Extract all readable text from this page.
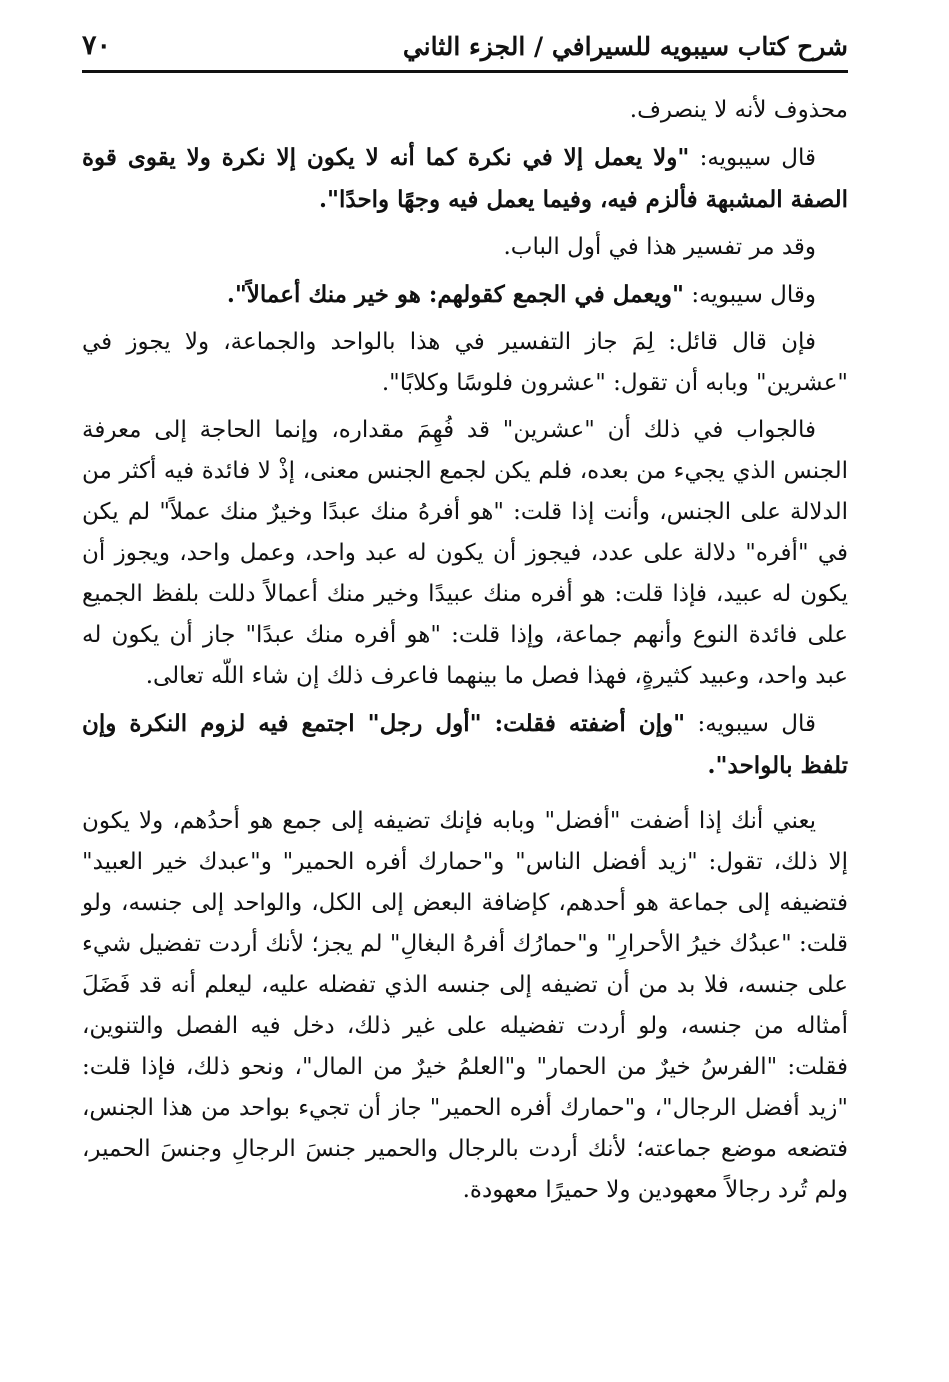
٧٠	شرح كتاب سيبويه للسيرافي / الجزء الثاني

محذوف لأنه لا ينصرف.

قال سيبويه: "ولا يعمل إلا في نكرة كما أنه لا يكون إلا نكرة ولا يقوى قوة الصفة المشبهة فألزم فيه، وفيما يعمل فيه وجهًا واحدًا".

وقد مر تفسير هذا في أول الباب.

وقال سيبويه: "ويعمل في الجمع كقولهم: هو خير منك أعمالاً".

فإن قال قائل: لِمَ جاز التفسير في هذا بالواحد والجماعة، ولا يجوز في "عشرين" وبابه أن تقول: "عشرون فلوسًا وكلابًا".

فالجواب في ذلك أن "عشرين" قد فُهِمَ مقداره، وإنما الحاجة إلى معرفة الجنس الذي يجيء من بعده، فلم يكن لجمع الجنس معنى، إذْ لا فائدة فيه أكثر من الدلالة على الجنس، وأنت إذا قلت: "هو أفرهُ منك عبدًا وخيرٌ منك عملاً" لم يكن في "أفره" دلالة على عدد، فيجوز أن يكون له عبد واحد، وعمل واحد، ويجوز أن يكون له عبيد، فإذا قلت: هو أفره منك عبيدًا وخير منك أعمالاً دللت بلفظ الجميع على فائدة النوع وأنهم جماعة، وإذا قلت: "هو أفره منك عبدًا" جاز أن يكون له عبد واحد، وعبيد كثيرةٍ، فهذا فصل ما بينهما فاعرف ذلك إن شاء اللّه تعالى.

قال سيبويه: "وإن أضفته فقلت: "أول رجل" اجتمع فيه لزوم النكرة وإن تلفظ بالواحد".

يعني أنك إذا أضفت "أفضل" وبابه فإنك تضيفه إلى جمع هو أحدُهم، ولا يكون إلا ذلك، تقول: "زيد أفضل الناس" و"حمارك أفره الحمير" و"عبدك خير العبيد" فتضيفه إلى جماعة هو أحدهم، كإضافة البعض إلى الكل، والواحد إلى جنسه، ولو قلت: "عبدُك خيرُ الأحرارِ" و"حمارُك أفرهُ البغالِ" لم يجز؛ لأنك أردت تفضيل شيء على جنسه، فلا بد من أن تضيفه إلى جنسه الذي تفضله عليه، ليعلم أنه قد فَضَلَ أمثاله من جنسه، ولو أردت تفضيله على غير ذلك، دخل فيه الفصل والتنوين، فقلت: "الفرسُ خيرٌ من الحمار" و"العلمُ خيرٌ من المال"، ونحو ذلك، فإذا قلت: "زيد أفضل الرجال"، و"حمارك أفره الحمير" جاز أن تجيء بواحد من هذا الجنس، فتضعه موضع جماعته؛ لأنك أردت بالرجال والحمير جنسَ الرجالِ وجنسَ الحمير، ولم تُرد رجالاً معهودين ولا حميرًا معهودة.
